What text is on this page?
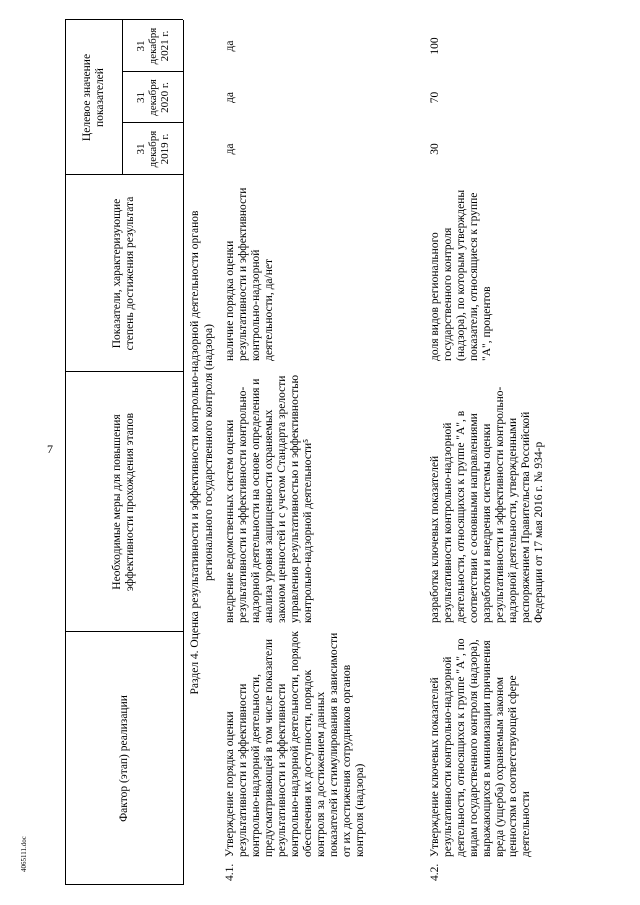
7
4065111.doc
Фактор (этап) реализации
Необходимые меры для повышения эффективности прохождения этапов
Показатели, характеризующие степень достижения результата
Целевое значение показателей
31 декабря 2019 г.
31 декабря 2020 г.
31 декабря 2021 г.
Раздел 4. Оценка результативности и эффективности контрольно-надзорной деятельности органов регионального государственного контроля (надзора)
4.1.
Утверждение порядка оценки результативности и эффективности контрольно-надзорной деятельности, предусматривающей в том числе показатели результативности и эффективности контрольно-надзорной деятельности, порядок обеспечения их доступности, порядок контроля за достижением данных показателей и стимулирования в зависимости от их достижения сотрудников органов контроля (надзора)
внедрение ведомственных систем оценки результативности и эффективности контрольно-надзорной деятельности на основе определения и анализа уровня защищенности охраняемых законом ценностей и с учетом Стандарта зрелости управления результативностью и эффективностью контрольно-надзорной деятельности⁵
наличие порядка оценки результативности и эффективности контрольно-надзорной деятельности, да/нет
да
да
да
4.2.
Утверждение ключевых показателей результативности контрольно-надзорной деятельности, относящихся к группе "А", по видам государственного контроля (надзора), выражающихся в минимизации причинения вреда (ущерба) охраняемым законом ценностям в соответствующей сфере деятельности
разработка ключевых показателей результативности контрольно-надзорной деятельности, относящихся к группе "А", в соответствии с основными направлениями разработки и внедрения системы оценки результативности и эффективности контрольно-надзорной деятельности, утвержденными распоряжением Правительства Российской Федерации от 17 мая 2016 г. № 934-р
доля видов регионального государственного контроля (надзора), по которым утверждены показатели, относящиеся к группе "А", процентов
30
70
100
